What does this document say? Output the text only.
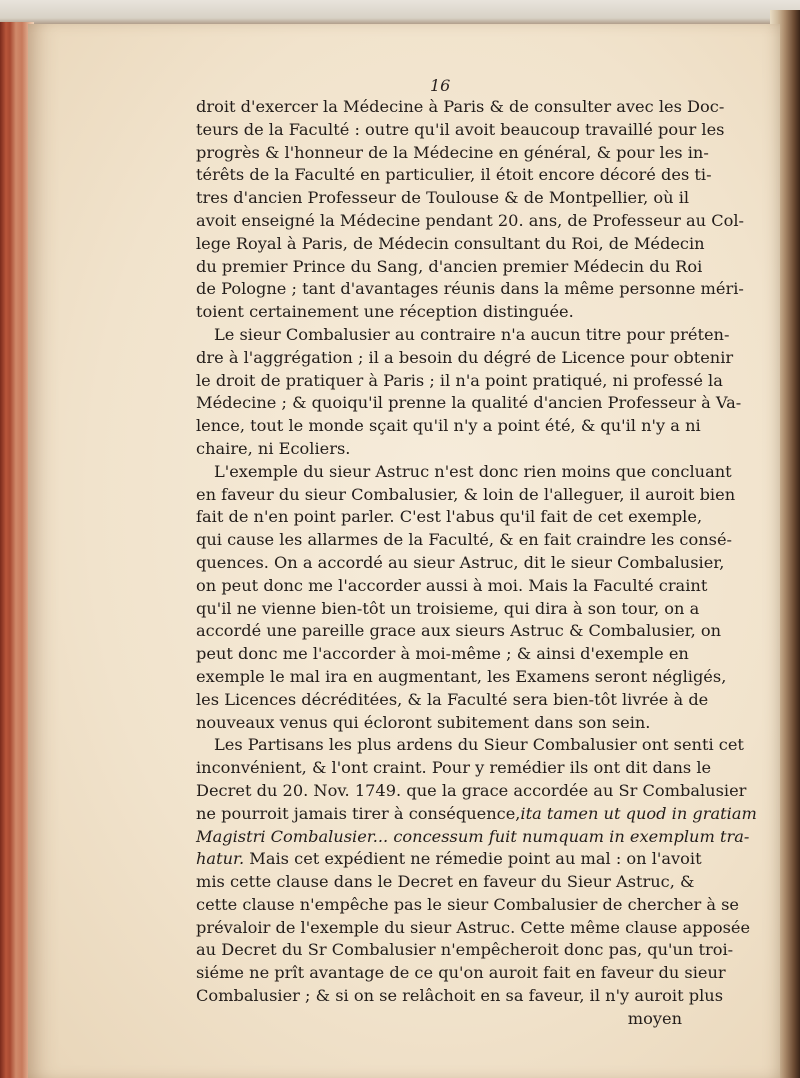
16
droit d'exercer la Médecine à Paris & de consulter avec les Doc-
teurs de la Faculté : outre qu'il avoit beaucoup travaillé pour les
progrès & l'honneur de la Médecine en général, & pour les in-
térêts de la Faculté en particulier, il étoit encore décoré des ti-
tres d'ancien Professeur de Toulouse & de Montpellier, où il
avoit enseigné la Médecine pendant 20. ans, de Professeur au Col-
lege Royal à Paris, de Médecin consultant du Roi, de Médecin
du premier Prince du Sang, d'ancien premier Médecin du Roi
de Pologne ; tant d'avantages réunis dans la même personne méri-
toient certainement une réception distinguée.
Le sieur Combalusier au contraire n'a aucun titre pour préten-
dre à l'aggrégation ; il a besoin du dégré de Licence pour obtenir
le droit de pratiquer à Paris ; il n'a point pratiqué, ni professé la
Médecine ; & quoiqu'il prenne la qualité d'ancien Professeur à Va-
lence, tout le monde sçait qu'il n'y a point été, & qu'il n'y a ni
chaire, ni Ecoliers.
L'exemple du sieur Astruc n'est donc rien moins que concluant
en faveur du sieur Combalusier, & loin de l'alleguer, il auroit bien
fait de n'en point parler. C'est l'abus qu'il fait de cet exemple,
qui cause les allarmes de la Faculté, & en fait craindre les consé-
quences. On a accordé au sieur Astruc, dit le sieur Combalusier,
on peut donc me l'accorder aussi à moi. Mais la Faculté craint
qu'il ne vienne bien-tôt un troisieme, qui dira à son tour, on a
accordé une pareille grace aux sieurs Astruc & Combalusier, on
peut donc me l'accorder à moi-même ; & ainsi d'exemple en
exemple le mal ira en augmentant, les Examens seront négligés,
les Licences décréditées, & la Faculté sera bien-tôt livrée à de
nouveaux venus qui écloront subitement dans son sein.
Les Partisans les plus ardens du Sieur Combalusier ont senti cet
inconvénient, & l'ont craint. Pour y remédier ils ont dit dans le
Decret du 20. Nov. 1749. que la grace accordée au Sr Combalusier
ne pourroit jamais tirer à conséquence,ita tamen ut quod in gratiam
Magistri Combalusier... concessum fuit numquam in exemplum tra-
hatur. Mais cet expédient ne rémedie point au mal : on l'avoit
mis cette clause dans le Decret en faveur du Sieur Astruc, &
cette clause n'empêche pas le sieur Combalusier de chercher à se
prévaloir de l'exemple du sieur Astruc. Cette même clause apposée
au Decret du Sr Combalusier n'empêcheroit donc pas, qu'un troi-
siéme ne prît avantage de ce qu'on auroit fait en faveur du sieur
Combalusier ; & si on se relâchoit en sa faveur, il n'y auroit plus
moyen
